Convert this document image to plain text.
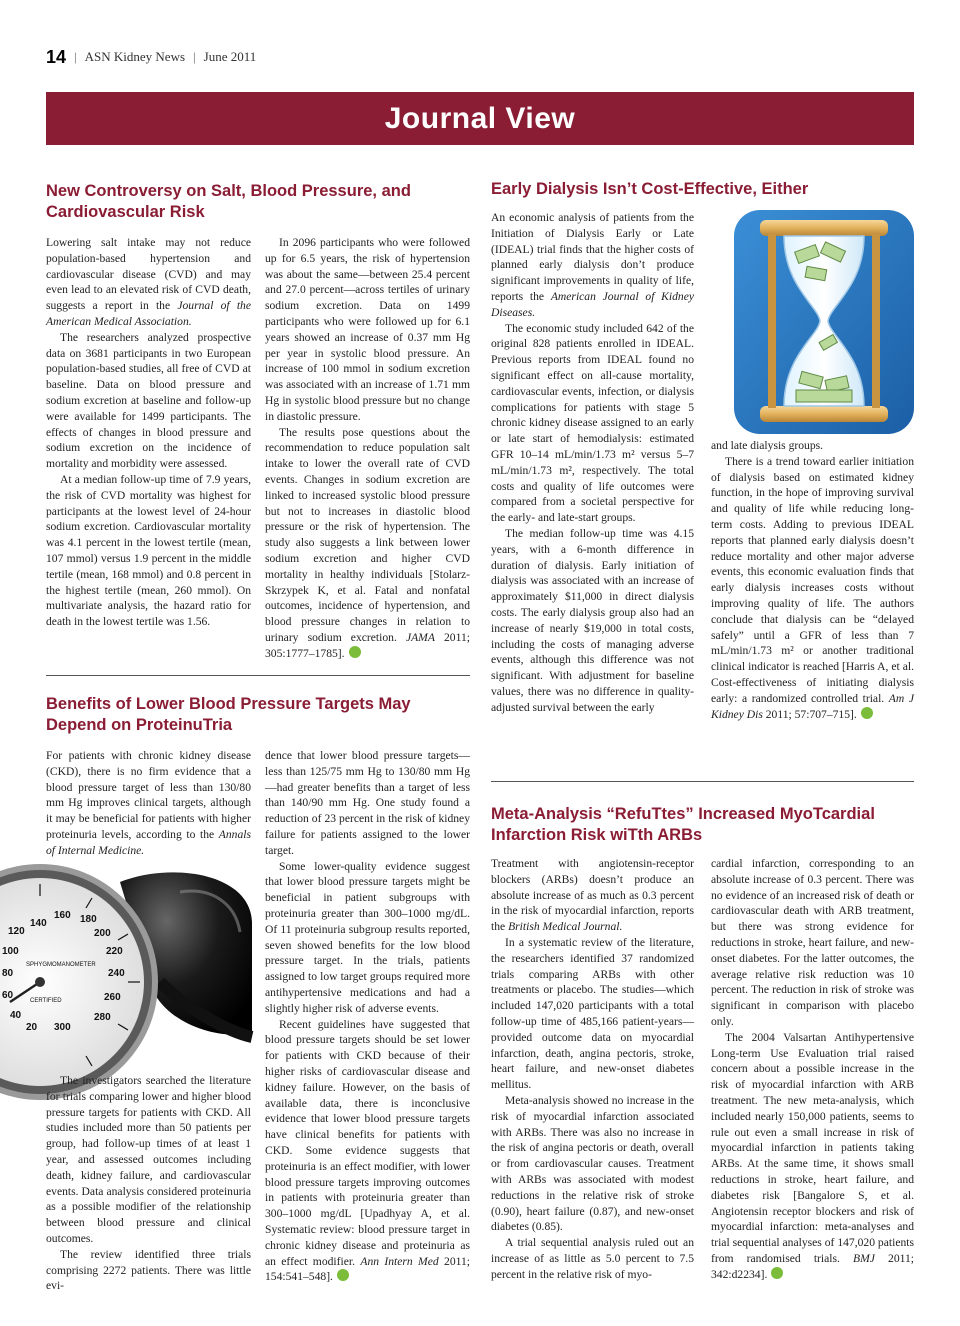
14 | ASN Kidney News | June 2011
Journal View
New Controversy on Salt, Blood Pressure, and Cardiovascular Risk

Lowering salt intake may not reduce population-based hypertension and cardiovascular disease (CVD) and may even lead to an elevated risk of CVD death, suggests a report in the Journal of the American Medical Association.

The researchers analyzed prospective data on 3681 participants in two European population-based studies, all free of CVD at baseline. Data on blood pressure and sodium excretion at baseline and follow-up were available for 1499 participants. The effects of changes in blood pressure and sodium excretion on the incidence of mortality and morbidity were assessed.

At a median follow-up time of 7.9 years, the risk of CVD mortality was highest for participants at the lowest level of 24-hour sodium excretion. Cardiovascular mortality was 4.1 percent in the lowest tertile (mean, 107 mmol) versus 1.9 percent in the middle tertile (mean, 168 mmol) and 0.8 percent in the highest tertile (mean, 260 mmol). On multivariate analysis, the hazard ratio for death in the lowest tertile was 1.56.

In 2096 participants who were followed up for 6.5 years, the risk of hypertension was about the same—between 25.4 percent and 27.0 percent—across tertiles of urinary sodium excretion. Data on 1499 participants who were followed up for 6.1 years showed an increase of 0.37 mm Hg per year in systolic blood pressure. An increase of 100 mmol in sodium excretion was associated with an increase of 1.71 mm Hg in systolic blood pressure but no change in diastolic pressure.

The results pose questions about the recommendation to reduce population salt intake to lower the overall rate of CVD events. Changes in sodium excretion are linked to increased systolic blood pressure but not to increases in diastolic blood pressure or the risk of hypertension. The study also suggests a link between lower sodium excretion and higher CVD mortality in healthy individuals [Stolarz-Skrzypek K, et al. Fatal and nonfatal outcomes, incidence of hypertension, and blood pressure changes in relation to urinary sodium excretion. JAMA 2011; 305:1777–1785].

Benefits of Lower Blood Pressure Targets May Depend on ProteinuTria

For patients with chronic kidney disease (CKD), there is no firm evidence that a blood pressure target of less than 130/80 mm Hg improves clinical targets, although it may be beneficial for patients with higher proteinuria levels, according to the Annals of Internal Medicine.

140
160 180
120	200
100	220
80	240
60	260
40	280
20 300
SPHYGMOMANOMETER
CERTIFIED

The investigators searched the literature for trials comparing lower and higher blood pressure targets for patients with CKD. All studies included more than 50 patients per group, had follow-up times of at least 1 year, and assessed outcomes including death, kidney failure, and cardiovascular events. Data analysis considered proteinuria as a possible modifier of the relationship between blood pressure and clinical outcomes.

The review identified three trials comprising 2272 patients. There was little evi-

dence that lower blood pressure targets—less than 125/75 mm Hg to 130/80 mm Hg—had greater benefits than a target of less than 140/90 mm Hg. One study found a reduction of 23 percent in the risk of kidney failure for patients assigned to the lower target.

Some lower-quality evidence suggest that lower blood pressure targets might be beneficial in patient subgroups with proteinuria greater than 300–1000 mg/dL. Of 11 proteinuria subgroup results reported, seven showed benefits for the low blood pressure target. In the trials, patients assigned to low target groups required more antihypertensive medications and had a slightly higher risk of adverse events.

Recent guidelines have suggested that blood pressure targets should be set lower for patients with CKD because of their higher risks of cardiovascular disease and kidney failure. However, on the basis of available data, there is inconclusive evidence that lower blood pressure targets have clinical benefits for patients with CKD. Some evidence suggests that proteinuria is an effect modifier, with lower blood pressure targets improving outcomes in patients with proteinuria greater than 300–1000 mg/dL [Upadhyay A, et al. Systematic review: blood pressure target in chronic kidney disease and proteinuria as an effect modifier. Ann Intern Med 2011; 154:541–548].

Early Dialysis Isn’t Cost-Effective, Either

An economic analysis of patients from the Initiation of Dialysis Early or Late (IDEAL) trial finds that the higher costs of planned early dialysis don’t produce significant improvements in quality of life, reports the American Journal of Kidney Diseases.

The economic study included 642 of the original 828 patients enrolled in IDEAL. Previous reports from IDEAL found no significant effect on all-cause mortality, cardiovascular events, infection, or dialysis complications for patients with stage 5 chronic kidney disease assigned to an early or late start of hemodialysis: estimated GFR 10–14 mL/min/1.73 m² versus 5–7 mL/min/1.73 m², respectively. The total costs and quality of life outcomes were compared from a societal perspective for the early- and late-start groups.

The median follow-up time was 4.15 years, with a 6-month difference in duration of dialysis. Early initiation of dialysis was associated with an increase of approximately $11,000 in direct dialysis costs. The early dialysis group also had an increase of nearly $19,000 in total costs, including the costs of managing adverse events, although this difference was not significant. With adjustment for baseline values, there was no difference in quality-adjusted survival between the early

and late dialysis groups.

There is a trend toward earlier initiation of dialysis based on estimated kidney function, in the hope of improving survival and quality of life while reducing long-term costs. Adding to previous IDEAL reports that planned early dialysis doesn’t reduce mortality and other major adverse events, this economic evaluation finds that early dialysis increases costs without improving quality of life. The authors conclude that dialysis can be “delayed safely” until a GFR of less than 7 mL/min/1.73 m² or another traditional clinical indicator is reached [Harris A, et al. Cost-effectiveness of initiating dialysis early: a randomized controlled trial. Am J Kidney Dis 2011; 57:707–715].

Meta-Analysis “RefuTtes” Increased MyoTcardial Infarction Risk wiTth ARBs

Treatment with angiotensin-receptor blockers (ARBs) doesn’t produce an absolute increase of as much as 0.3 percent in the risk of myocardial infarction, reports the British Medical Journal.

In a systematic review of the literature, the researchers identified 37 randomized trials comparing ARBs with other treatments or placebo. The studies—which included 147,020 participants with a total follow-up time of 485,166 patient-years—provided outcome data on myocardial infarction, death, angina pectoris, stroke, heart failure, and new-onset diabetes mellitus.

Meta-analysis showed no increase in the risk of myocardial infarction associated with ARBs. There was also no increase in the risk of angina pectoris or death, overall or from cardiovascular causes. Treatment with ARBs was associated with modest reductions in the relative risk of stroke (0.90), heart failure (0.87), and new-onset diabetes (0.85).

A trial sequential analysis ruled out an increase of as little as 5.0 percent to 7.5 percent in the relative risk of myo-

cardial infarction, corresponding to an absolute increase of 0.3 percent. There was no evidence of an increased risk of death or cardiovascular death with ARB treatment, but there was strong evidence for reductions in stroke, heart failure, and new-onset diabetes. For the latter outcomes, the average relative risk reduction was 10 percent. The reduction in risk of stroke was significant in comparison with placebo only.

The 2004 Valsartan Antihypertensive Long-term Use Evaluation trial raised concern about a possible increase in the risk of myocardial infarction with ARB treatment. The new meta-analysis, which included nearly 150,000 patients, seems to rule out even a small increase in risk of myocardial infarction in patients taking ARBs. At the same time, it shows small reductions in stroke, heart failure, and diabetes risk [Bangalore S, et al. Angiotensin receptor blockers and risk of myocardial infarction: meta-analyses and trial sequential analyses of 147,020 patients from randomised trials. BMJ 2011; 342:d2234].
